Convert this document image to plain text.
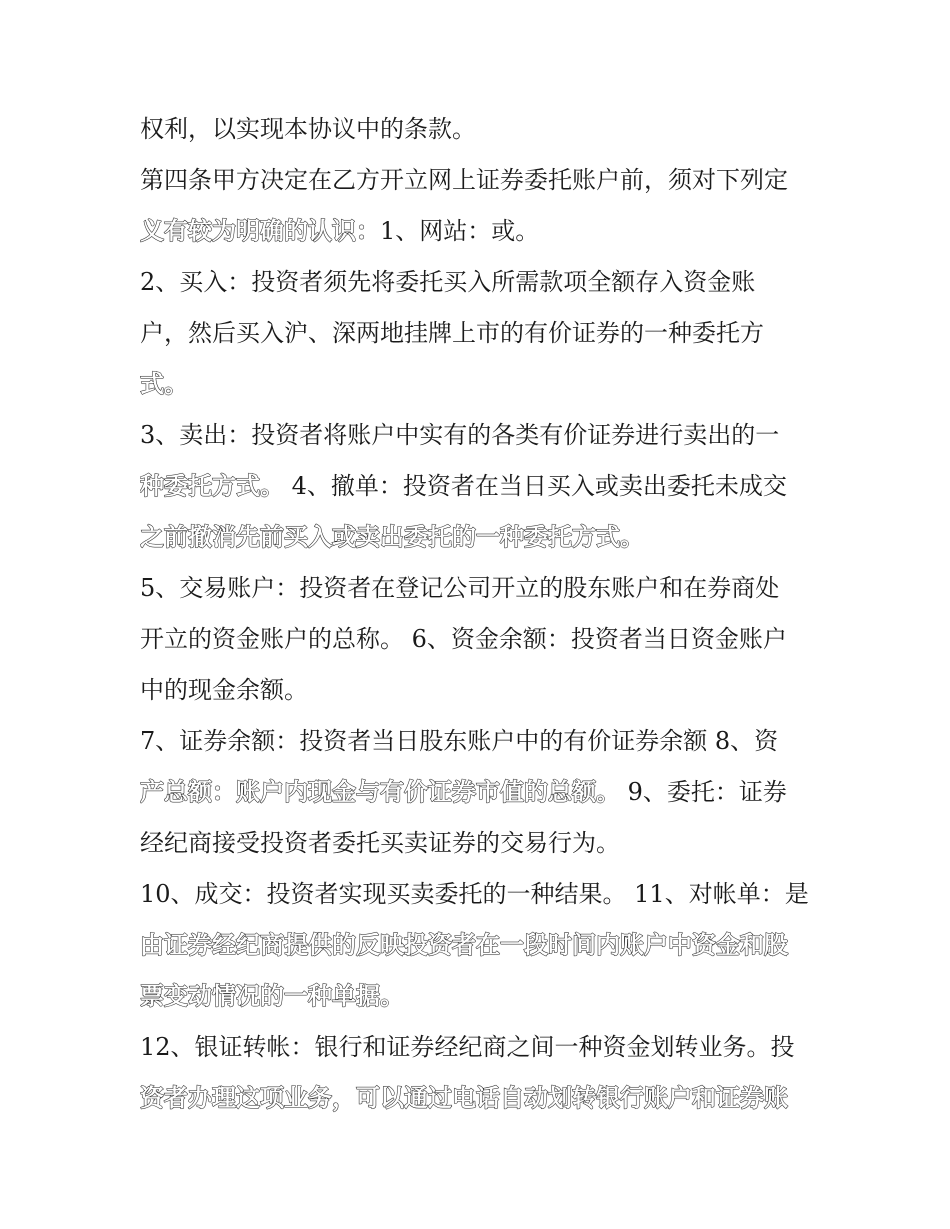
权利，以实现本协议中的条款。
第四条甲方决定在乙方开立网上证券委托账户前，须对下列定
义有较为明确的认识：1、网站：或。
2、买入：投资者须先将委托买入所需款项全额存入资金账
户，然后买入沪、深两地挂牌上市的有价证券的一种委托方
式。
3、卖出：投资者将账户中实有的各类有价证券进行卖出的一
种委托方式。 4、撤单：投资者在当日买入或卖出委托未成交
之前撤消先前买入或卖出委托的一种委托方式。
5、交易账户：投资者在登记公司开立的股东账户和在券商处
开立的资金账户的总称。 6、资金余额：投资者当日资金账户
中的现金余额。
7、证券余额：投资者当日股东账户中的有价证券余额 8、资
产总额：账户内现金与有价证券市值的总额。 9、委托：证券
经纪商接受投资者委托买卖证券的交易行为。
10、成交：投资者实现买卖委托的一种结果。 11、对帐单：是
由证券经纪商提供的反映投资者在一段时间内账户中资金和股
票变动情况的一种单据。
12、银证转帐：银行和证券经纪商之间一种资金划转业务。投
资者办理这项业务，可以通过电话自动划转银行账户和证券账
